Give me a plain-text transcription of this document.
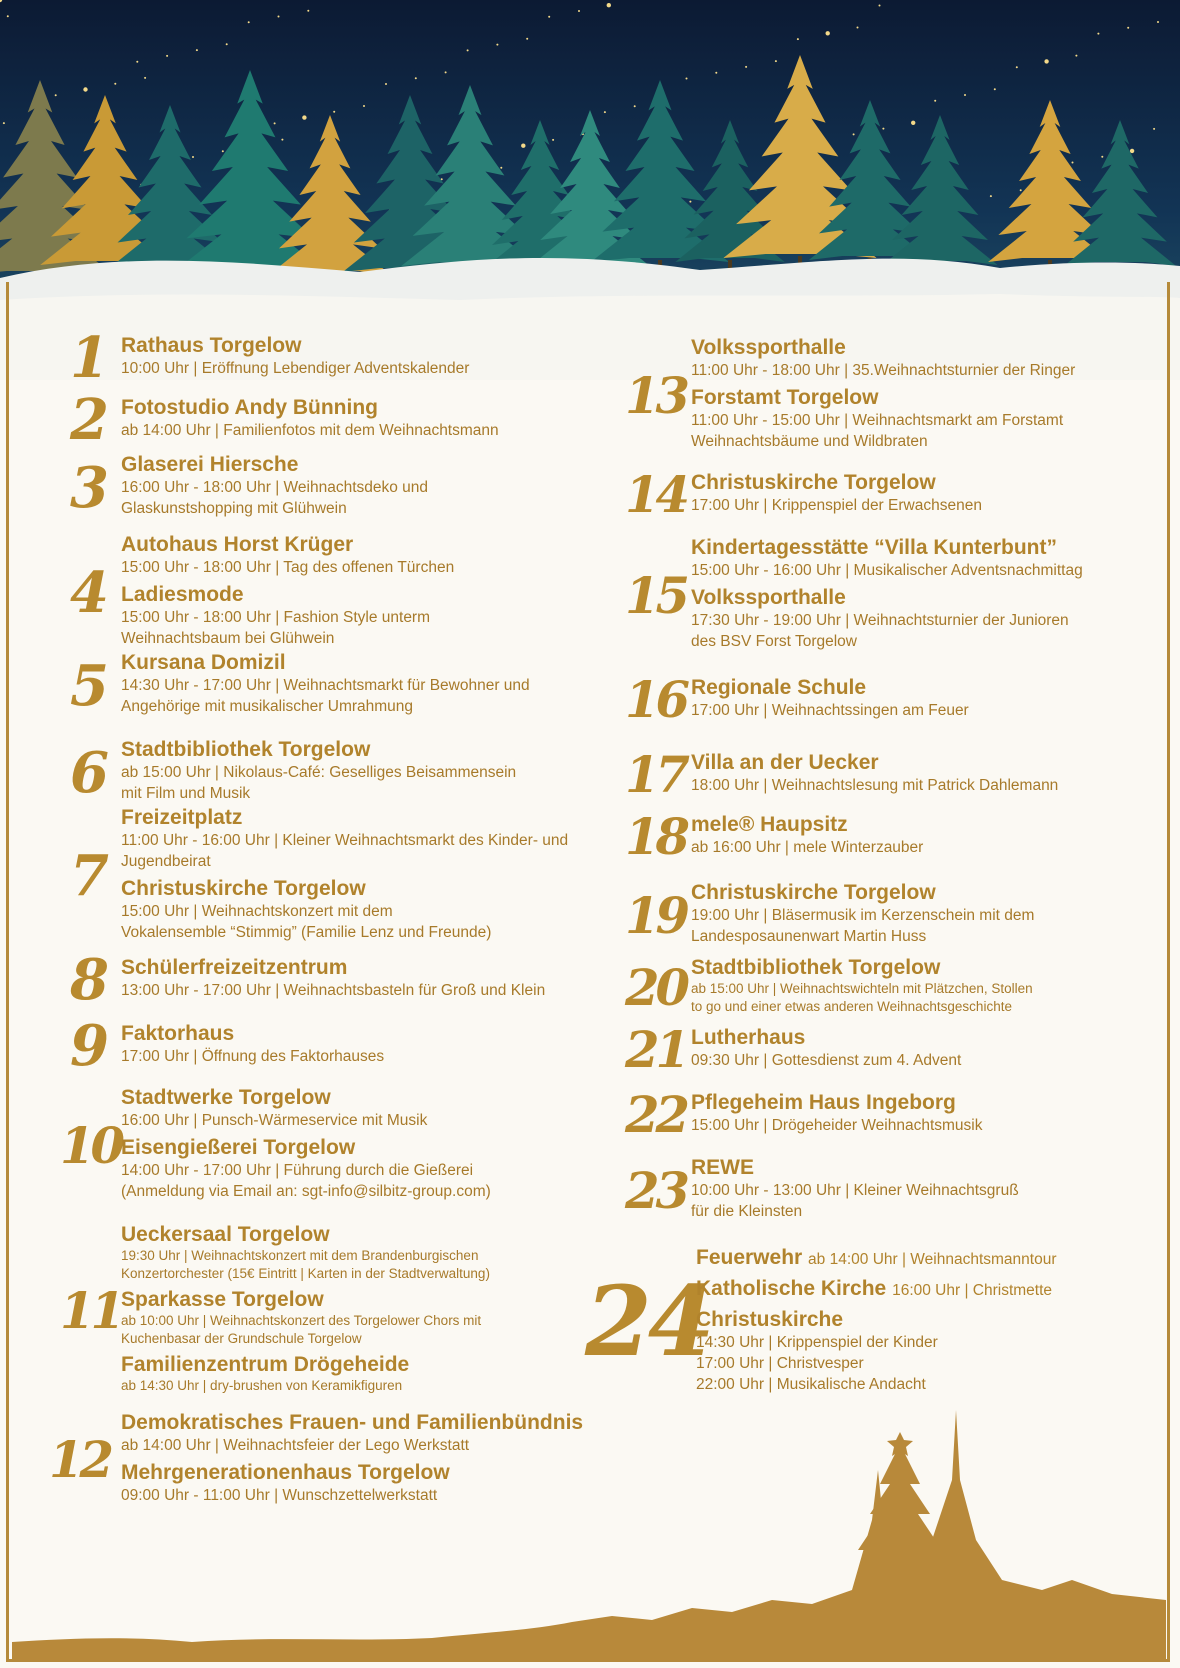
1 Rathaus Torgelow
10:00 Uhr | Eröffnung Lebendiger Adventskalender
2 Fotostudio Andy Bünning
ab 14:00 Uhr | Familienfotos mit dem Weihnachtsmann
3 Glaserei Hiersche
16:00 Uhr - 18:00 Uhr | Weihnachtsdeko und
Glaskunstshopping mit Glühwein
4
Autohaus Horst Krüger
15:00 Uhr - 18:00 Uhr | Tag des offenen Türchen
Ladiesmode
15:00 Uhr - 18:00 Uhr | Fashion Style unterm
Weihnachtsbaum bei Glühwein
5 Kursana Domizil
14:30 Uhr - 17:00 Uhr | Weihnachtsmarkt für Bewohner und
Angehörige mit musikalischer Umrahmung
6 Stadtbibliothek Torgelow
ab 15:00 Uhr | Nikolaus-Café: Geselliges Beisammensein
mit Film und Musik
7
Freizeitplatz
11:00 Uhr - 16:00 Uhr | Kleiner Weihnachtsmarkt des Kinder- und
Jugendbeirat
Christuskirche Torgelow
15:00 Uhr | Weihnachtskonzert mit dem
Vokalensemble “Stimmig” (Familie Lenz und Freunde)
8 Schülerfreizeitzentrum
13:00 Uhr - 17:00 Uhr | Weihnachtsbasteln für Groß und Klein
9 Faktorhaus
17:00 Uhr | Öffnung des Faktorhauses
10
Stadtwerke Torgelow
16:00 Uhr | Punsch-Wärmeservice mit Musik
Eisengießerei Torgelow
14:00 Uhr - 17:00 Uhr | Führung durch die Gießerei
(Anmeldung via Email an: sgt-info@silbitz-group.com)
11
Ueckersaal Torgelow
19:30 Uhr | Weihnachtskonzert mit dem Brandenburgischen
Konzertorchester (15€ Eintritt | Karten in der Stadtverwaltung)
Sparkasse Torgelow
ab 10:00 Uhr | Weihnachtskonzert des Torgelower Chors mit
Kuchenbasar der Grundschule Torgelow
Familienzentrum Drögeheide
ab 14:30 Uhr | dry-brushen von Keramikfiguren
12
Demokratisches Frauen- und Familienbündnis
ab 14:00 Uhr | Weihnachtsfeier der Lego Werkstatt
Mehrgenerationenhaus Torgelow
09:00 Uhr - 11:00 Uhr | Wunschzettelwerkstatt
13
Volkssporthalle
11:00 Uhr - 18:00 Uhr | 35.Weihnachtsturnier der Ringer
Forstamt Torgelow
11:00 Uhr - 15:00 Uhr | Weihnachtsmarkt am Forstamt
Weihnachtsbäume und Wildbraten
14 Christuskirche Torgelow
17:00 Uhr | Krippenspiel der Erwachsenen
15
Kindertagesstätte “Villa Kunterbunt”
15:00 Uhr - 16:00 Uhr | Musikalischer Adventsnachmittag
Volkssporthalle
17:30 Uhr - 19:00 Uhr | Weihnachtsturnier der Junioren
des BSV Forst Torgelow
16 Regionale Schule
17:00 Uhr | Weihnachtssingen am Feuer
17 Villa an der Uecker
18:00 Uhr | Weihnachtslesung mit Patrick Dahlemann
18 mele® Haupsitz
ab 16:00 Uhr | mele Winterzauber
19 Christuskirche Torgelow
19:00 Uhr | Bläsermusik im Kerzenschein mit dem
Landesposaunenwart Martin Huss
20 Stadtbibliothek Torgelow
ab 15:00 Uhr | Weihnachtswichteln mit Plätzchen, Stollen
to go und einer etwas anderen Weihnachtsgeschichte
21 Lutherhaus
09:30 Uhr | Gottesdienst zum 4. Advent
22 Pflegeheim Haus Ingeborg
15:00 Uhr | Drögeheider Weihnachtsmusik
23 REWE
10:00 Uhr - 13:00 Uhr | Kleiner Weihnachtsgruß
für die Kleinsten
24
Feuerwehr ab 14:00 Uhr | Weihnachtsmanntour
Katholische Kirche 16:00 Uhr | Christmette
Christuskirche
14:30 Uhr | Krippenspiel der Kinder
17:00 Uhr | Christvesper
22:00 Uhr | Musikalische Andacht
